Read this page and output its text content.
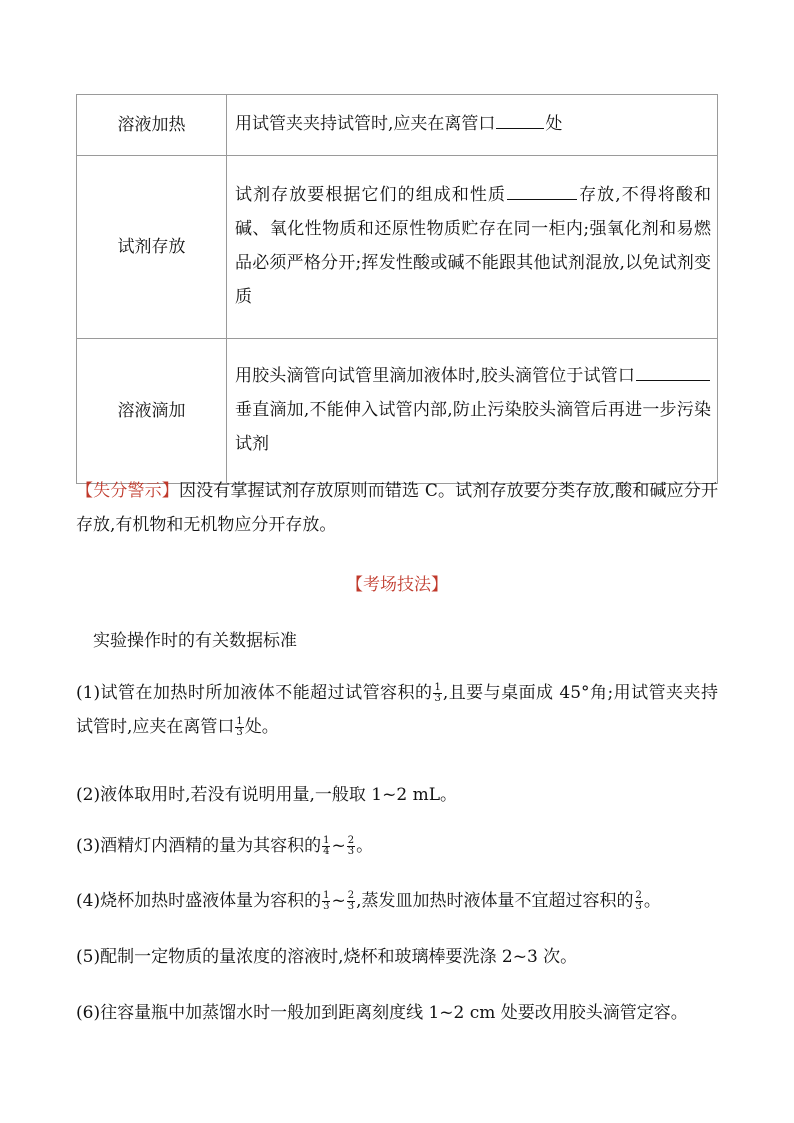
溶液加热	用试管夹夹持试管时,应夹在离管口 处
试剂存放	试剂存放要根据它们的组成和性质 存放,不得将酸和碱、氧化性物质和还原性物质贮存在同一柜内;强氧化剂和易燃品必须严格分开;挥发性酸或碱不能跟其他试剂混放,以免试剂变质
溶液滴加	用胶头滴管向试管里滴加液体时,胶头滴管位于试管口垂直滴加,不能伸入试管内部,防止污染胶头滴管后再进一步污染试剂
【失分警示】因没有掌握试剂存放原则而错选 C。试剂存放要分类存放,酸和碱应分开存放,有机物和无机物应分开存放。
【考场技法】
实验操作时的有关数据标准
(1)试管在加热时所加液体不能超过试管容积的 $\frac{1}{3}$ ,且要与桌面成 45°角;用试管夹夹持试管时,应夹在离管口 $\frac{1}{3}$ 处。
(2)液体取用时,若没有说明用量,一般取 1~2 mL。
(3)酒精灯内酒精的量为其容积的 $\frac{1}{4}$ ~ $\frac{2}{3}$ 。
(4)烧杯加热时盛液体量为容积的 $\frac{1}{3}$ ~ $\frac{2}{3}$ ,蒸发皿加热时液体量不宜超过容积的 $\frac{2}{3}$ 。
(5)配制一定物质的量浓度的溶液时,烧杯和玻璃棒要洗涤 2~3 次。
(6)往容量瓶中加蒸馏水时一般加到距离刻度线 1~2 cm 处要改用胶头滴管定容。
